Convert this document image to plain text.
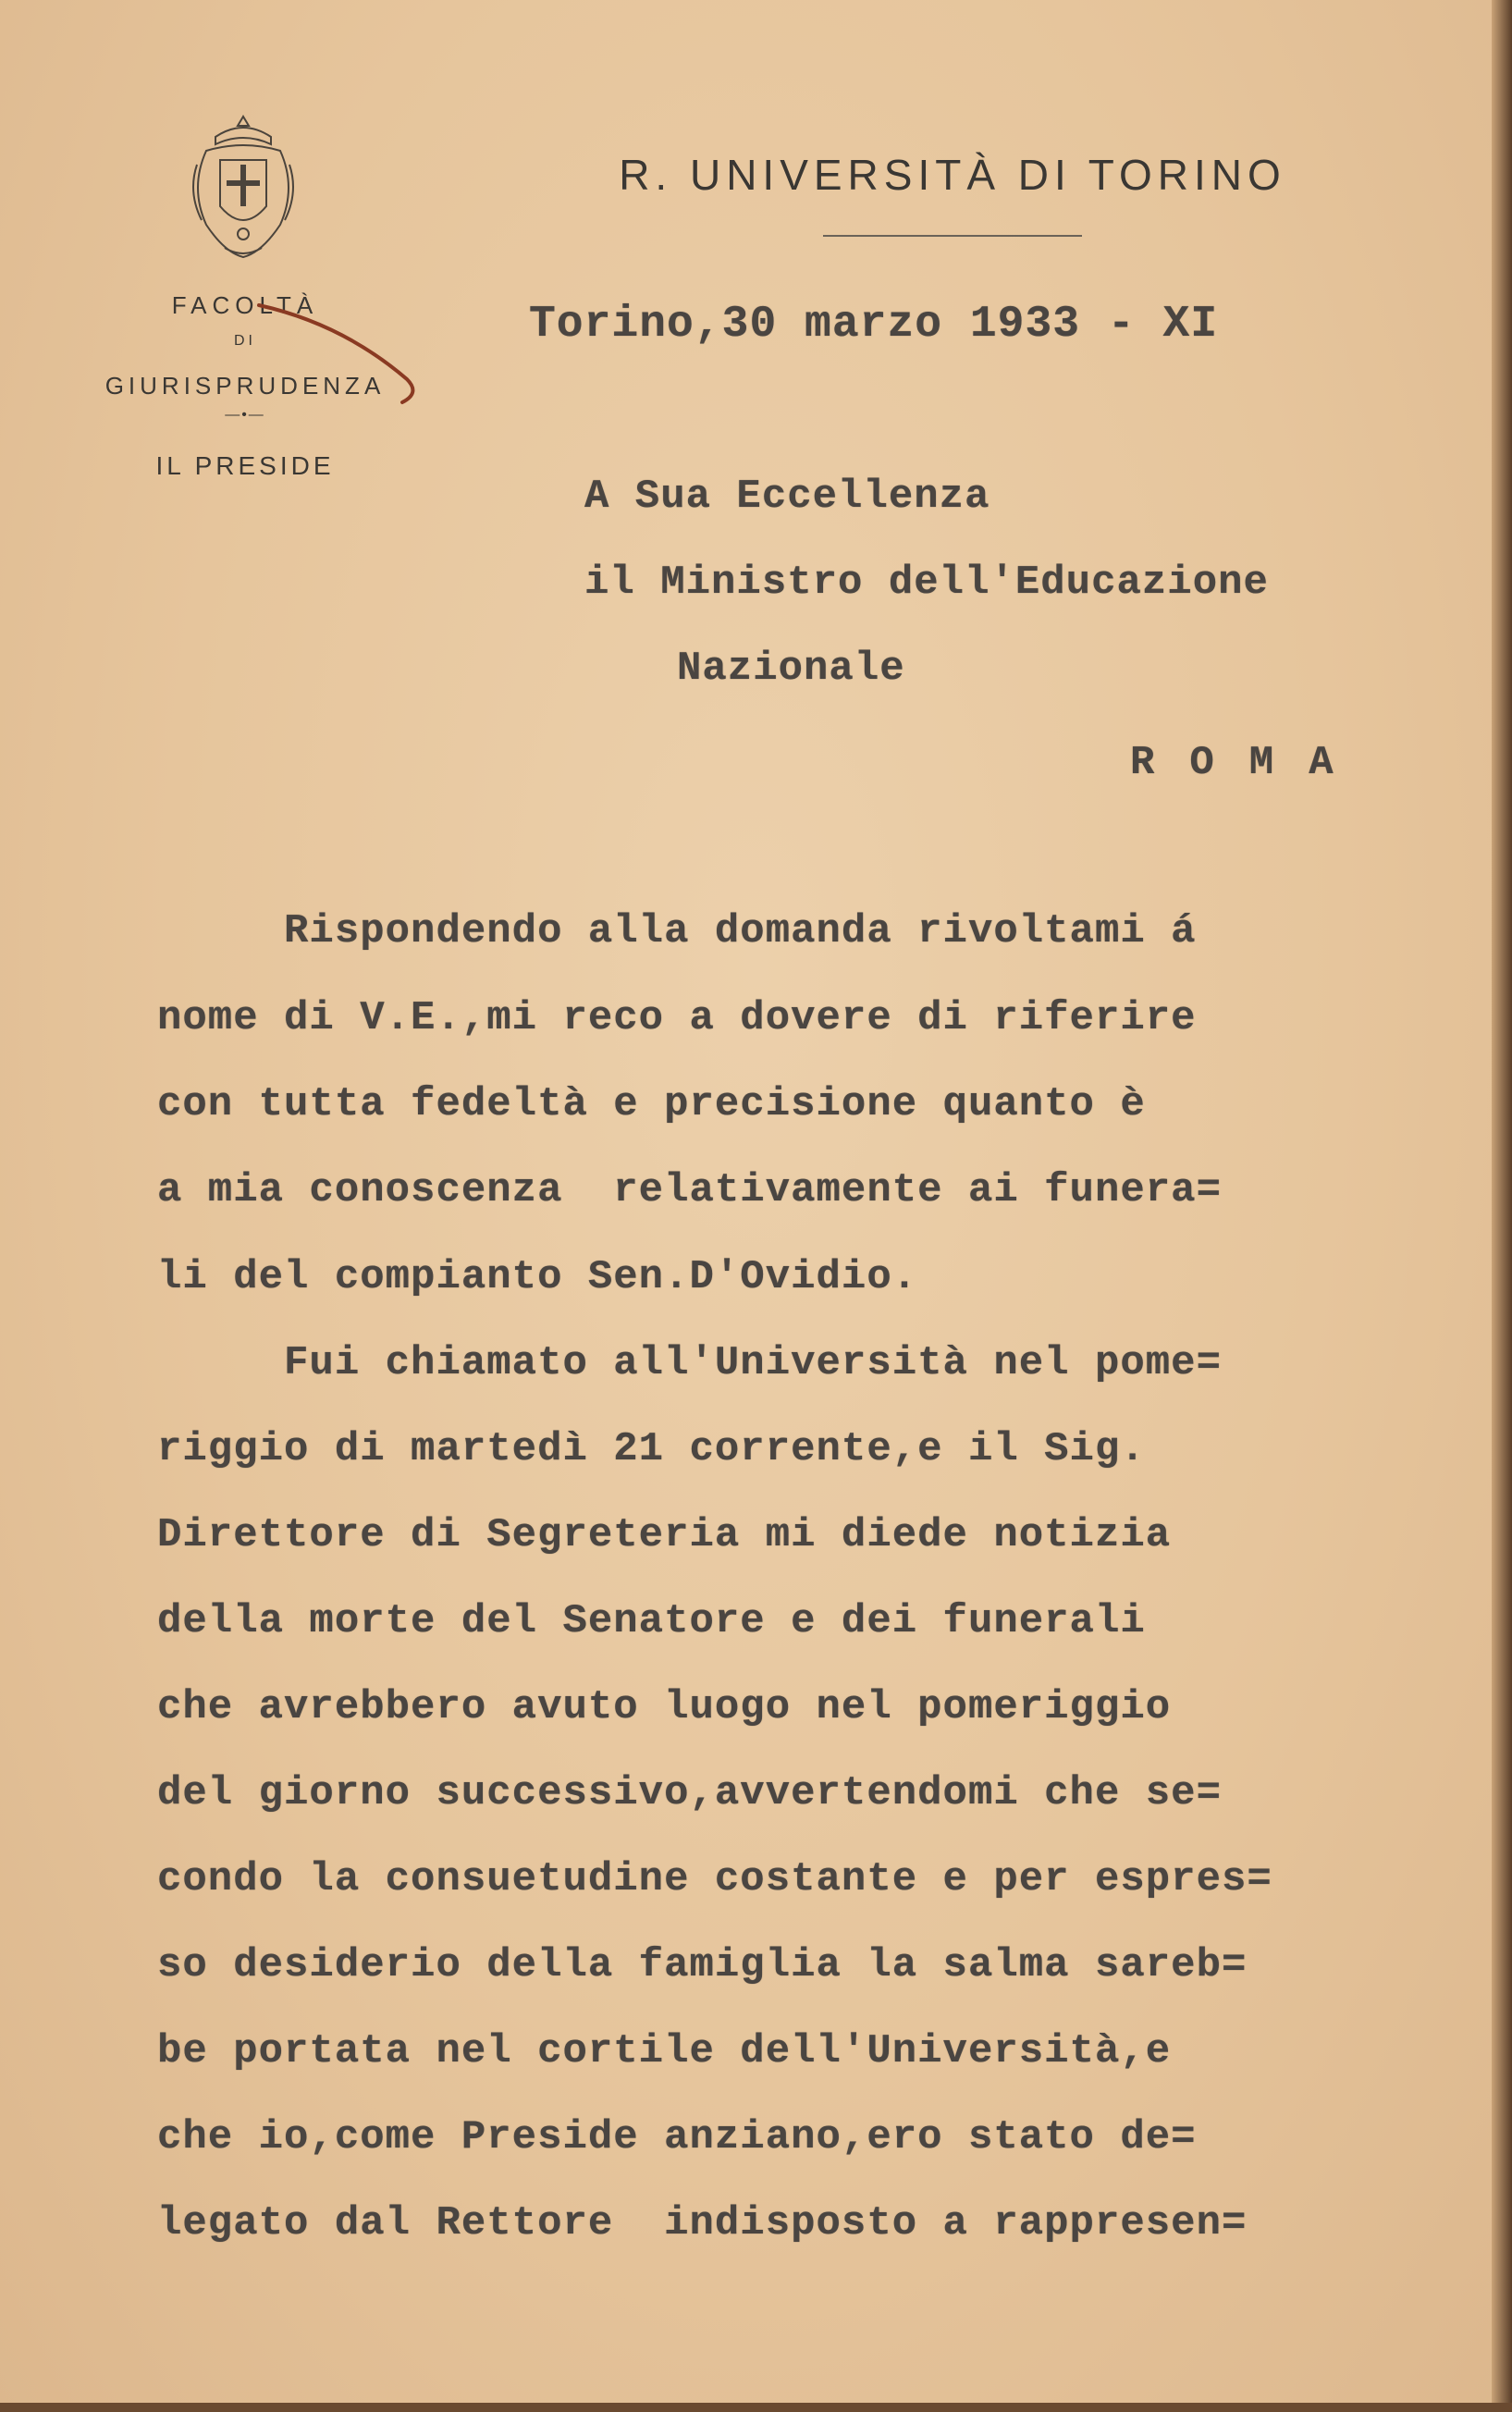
FACOLTÀ
DI
GIURISPRUDENZA
—•—
IL PRESIDE
R. UNIVERSITÀ DI TORINO
Torino,30 marzo 1933 - XI
A Sua Eccellenza
il Ministro dell'Educazione
Nazionale
ROMA
Rispondendo alla domanda rivoltami á
nome di V.E.,mi reco a dovere di riferire
con tutta fedeltà e precisione quanto è
a mia conoscenza  relativamente ai funera=
li del compianto Sen.D'Ovidio.
Fui chiamato all'Università nel pome=
riggio di martedì 21 corrente,e il Sig.
Direttore di Segreteria mi diede notizia
della morte del Senatore e dei funerali
che avrebbero avuto luogo nel pomeriggio
del giorno successivo,avvertendomi che se=
condo la consuetudine costante e per espres=
so desiderio della famiglia la salma sareb=
be portata nel cortile dell'Università,e
che io,come Preside anziano,ero stato de=
legato dal Rettore  indisposto a rappresen=
